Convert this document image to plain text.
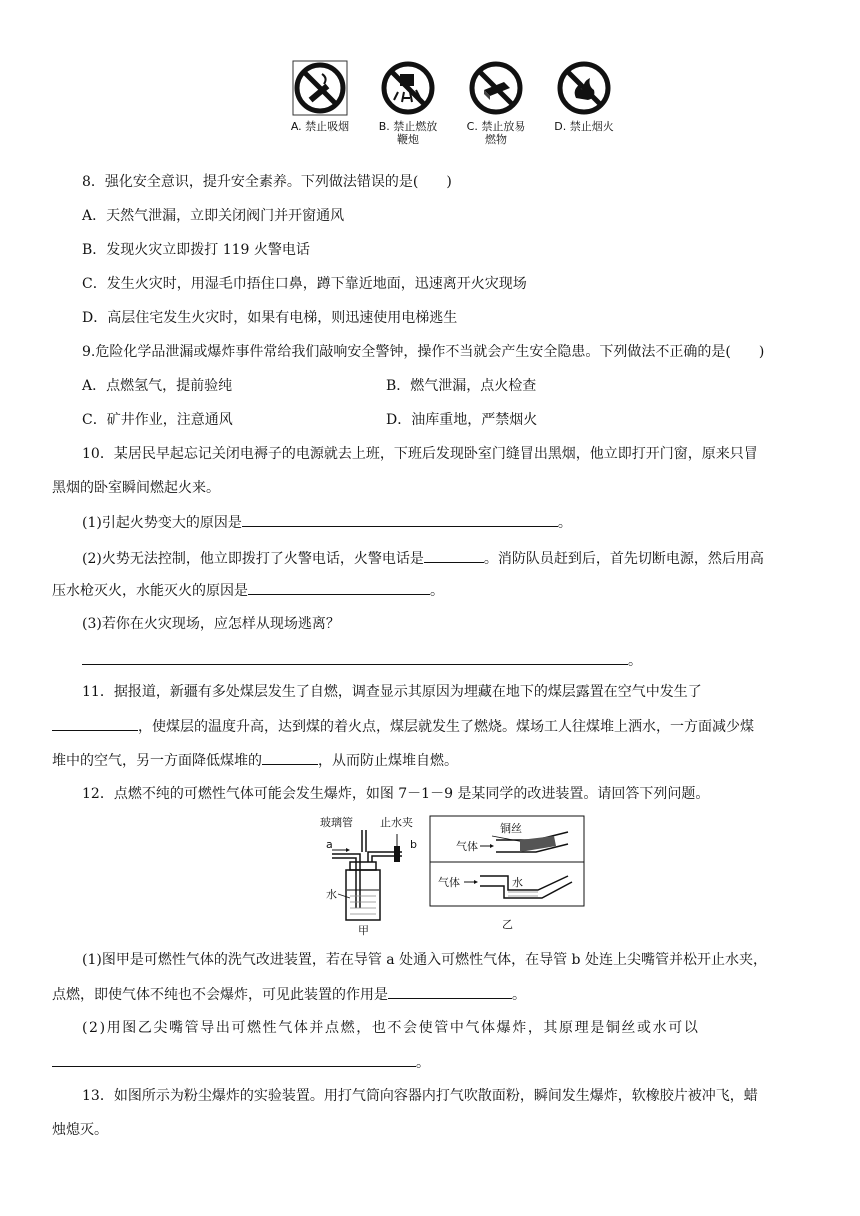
A. 禁止吸烟	B. 禁止燃放
鞭炮
C. 禁止放易
燃物
D. 禁止烟火
8．强化安全意识，提升安全素养。下列做法错误的是(　　)
A．天然气泄漏，立即关闭阀门并开窗通风
B．发现火灾立即拨打 119 火警电话
C．发生火灾时，用湿毛巾捂住口鼻，蹲下靠近地面，迅速离开火灾现场
D．高层住宅发生火灾时，如果有电梯，则迅速使用电梯逃生
9.危险化学品泄漏或爆炸事件常给我们敲响安全警钟，操作不当就会产生安全隐患。下列做法不正确的是(　　)
A．点燃氢气，提前验纯	B．燃气泄漏，点火检查
C．矿井作业，注意通风	D．油库重地，严禁烟火
10．某居民早起忘记关闭电褥子的电源就去上班，下班后发现卧室门缝冒出黑烟，他立即打开门窗，原来只冒
黑烟的卧室瞬间燃起火来。
(1)引起火势变大的原因是	。
(2)火势无法控制，他立即拨打了火警电话，火警电话是	。消防队员赶到后，首先切断电源，然后用高
压水枪灭火，水能灭火的原因是	。
(3)若你在火灾现场，应怎样从现场逃离？
。
11．据报道，新疆有多处煤层发生了自燃，调查显示其原因为埋藏在地下的煤层露置在空气中发生了
，使煤层的温度升高，达到煤的着火点，煤层就发生了燃烧。煤场工人往煤堆上洒水，一方面减少煤
堆中的空气，另一方面降低煤堆的	，从而防止煤堆自燃。
12．点燃不纯的可燃性气体可能会发生爆炸，如图 7－1－9 是某同学的改进装置。请回答下列问题。
玻璃管 止水夹
a	b
水
甲
铜丝
气体
气体	水
乙
(1)图甲是可燃性气体的洗气改进装置，若在导管 a 处通入可燃性气体，在导管 b 处连上尖嘴管并松开止水夹，
点燃，即使气体不纯也不会爆炸，可见此装置的作用是	。
(2)用图乙尖嘴管导出可燃性气体并点燃，也不会使管中气体爆炸，其原理是铜丝或水可以
。
13．如图所示为粉尘爆炸的实验装置。用打气筒向容器内打气吹散面粉，瞬间发生爆炸，软橡胶片被冲飞，蜡
烛熄灭。
